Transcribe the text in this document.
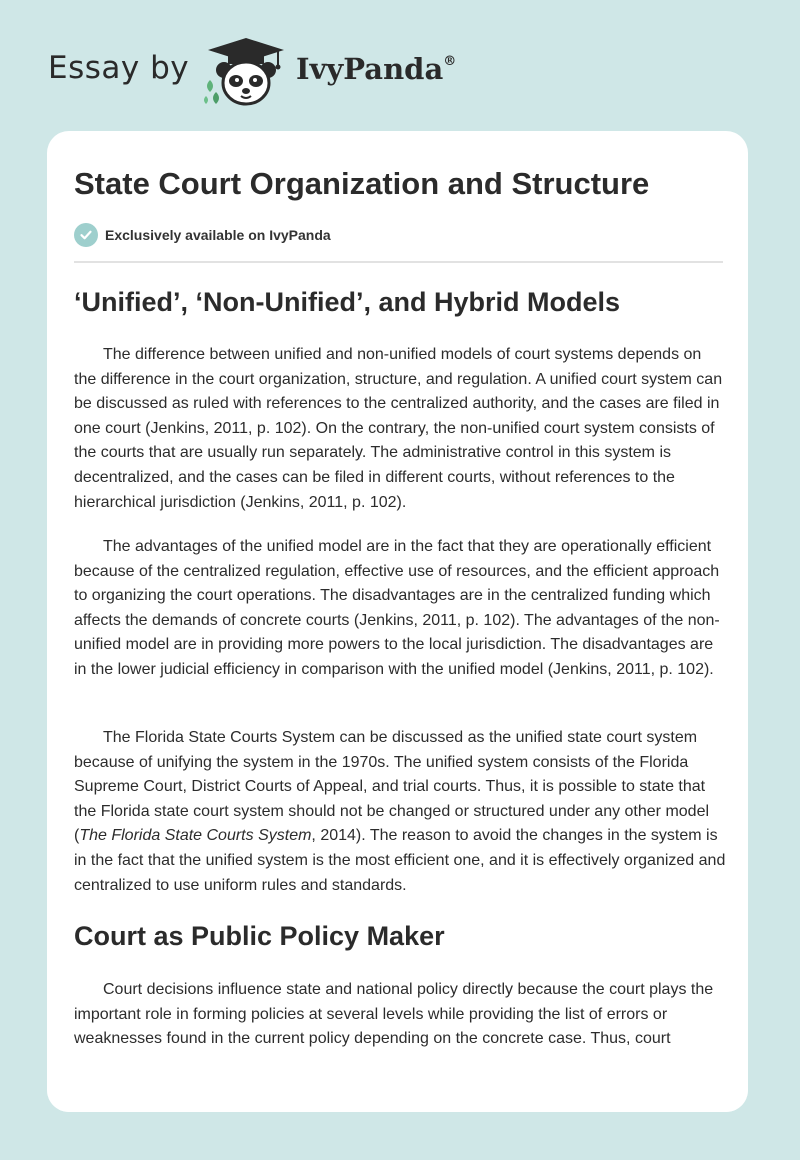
Essay by	IvyPanda®
State Court Organization and Structure
Exclusively available on IvyPanda
‘Unified’, ‘Non-Unified’, and Hybrid Models

The difference between unified and non-unified models of court systems depends on the difference in the court organization, structure, and regulation. A unified court system can be discussed as ruled with references to the centralized authority, and the cases are filed in one court (Jenkins, 2011, p. 102). On the contrary, the non-unified court system consists of the courts that are usually run separately. The administrative control in this system is decentralized, and the cases can be filed in different courts, without references to the hierarchical jurisdiction (Jenkins, 2011, p. 102).

The advantages of the unified model are in the fact that they are operationally efficient because of the centralized regulation, effective use of resources, and the efficient approach to organizing the court operations. The disadvantages are in the centralized funding which affects the demands of concrete courts (Jenkins, 2011, p. 102). The advantages of the non-unified model are in providing more powers to the local jurisdiction. The disadvantages are in the lower judicial efficiency in comparison with the unified model (Jenkins, 2011, p. 102).

The Florida State Courts System can be discussed as the unified state court system because of unifying the system in the 1970s. The unified system consists of the Florida Supreme Court, District Courts of Appeal, and trial courts. Thus, it is possible to state that the Florida state court system should not be changed or structured under any other model (The Florida State Courts System, 2014). The reason to avoid the changes in the system is in the fact that the unified system is the most efficient one, and it is effectively organized and centralized to use uniform rules and standards.

Court as Public Policy Maker

Court decisions influence state and national policy directly because the court plays the important role in forming policies at several levels while providing the list of errors or weaknesses found in the current policy depending on the concrete case. Thus, court
